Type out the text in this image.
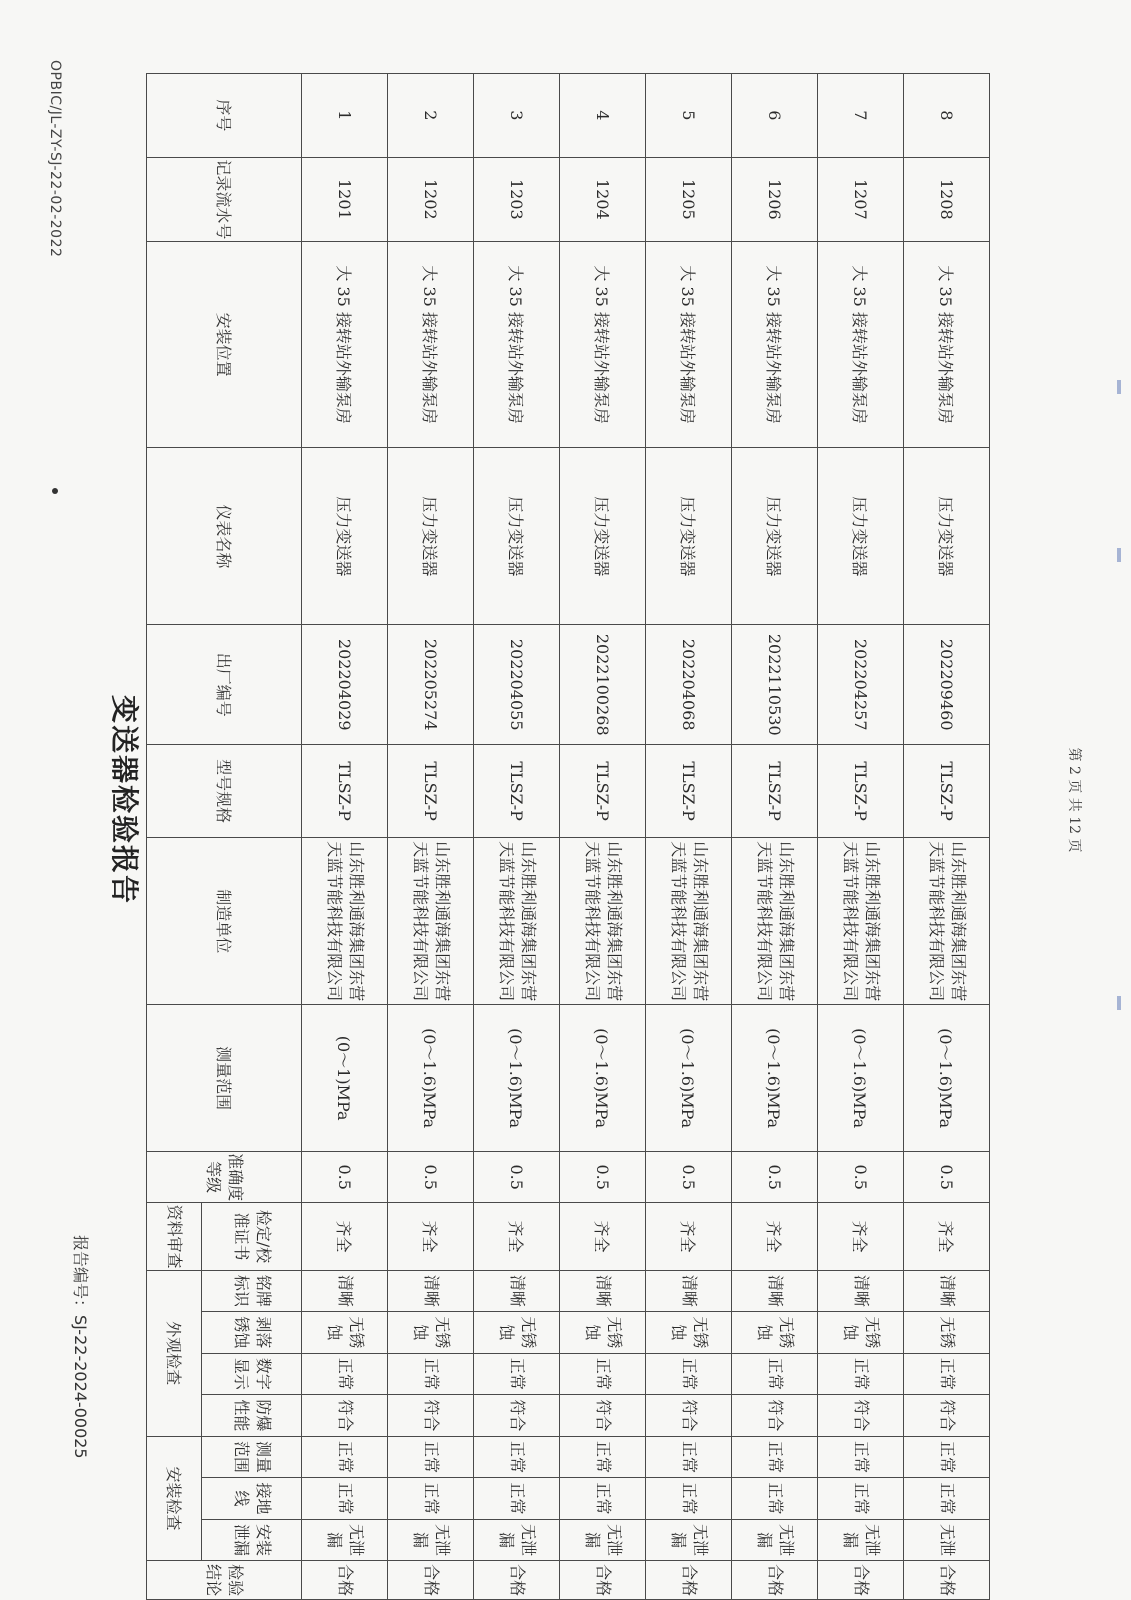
第 2 页 共 12 页
序号	记录流水号	安装位置	仪表名称	出厂编号	型号规格	制造单位	测量范围	准确度等级	资料审查	外观检查				安装检查			检验结论

									检定/校准证书	铭牌标识	剥落锈蚀	数字显示	防爆性能	测量范围	接地线	安装泄漏	

1	1201	大 35 接转站外输泵房	压力变送器	202204029	TLSZ-P	山东胜利通海集团东营天蓝节能科技有限公司	(0～1)MPa	0.5	齐全	清晰	无锈蚀	正常	符合	正常	正常	无泄漏	合格

2	1202	大 35 接转站外输泵房	压力变送器	202205274	TLSZ-P	山东胜利通海集团东营天蓝节能科技有限公司	(0～1.6)MPa	0.5	齐全	清晰	无锈蚀	正常	符合	正常	正常	无泄漏	合格

3	1203	大 35 接转站外输泵房	压力变送器	202204055	TLSZ-P	山东胜利通海集团东营天蓝节能科技有限公司	(0～1.6)MPa	0.5	齐全	清晰	无锈蚀	正常	符合	正常	正常	无泄漏	合格

4	1204	大 35 接转站外输泵房	压力变送器	2022100268	TLSZ-P	山东胜利通海集团东营天蓝节能科技有限公司	(0～1.6)MPa	0.5	齐全	清晰	无锈蚀	正常	符合	正常	正常	无泄漏	合格

5	1205	大 35 接转站外输泵房	压力变送器	202204068	TLSZ-P	山东胜利通海集团东营天蓝节能科技有限公司	(0～1.6)MPa	0.5	齐全	清晰	无锈蚀	正常	符合	正常	正常	无泄漏	合格

6	1206	大 35 接转站外输泵房	压力变送器	2022110530	TLSZ-P	山东胜利通海集团东营天蓝节能科技有限公司	(0～1.6)MPa	0.5	齐全	清晰	无锈蚀	正常	符合	正常	正常	无泄漏	合格

7	1207	大 35 接转站外输泵房	压力变送器	202204257	TLSZ-P	山东胜利通海集团东营天蓝节能科技有限公司	(0～1.6)MPa	0.5	齐全	清晰	无锈蚀	正常	符合	正常	正常	无泄漏	合格

8	1208	大 35 接转站外输泵房	压力变送器	202209460	TLSZ-P	山东胜利通海集团东营天蓝节能科技有限公司	(0～1.6)MPa	0.5	齐全	清晰	无锈	正常	符合	正常	正常	无泄	合格
OPBIC/JL-ZY-SJ-22-02-2022
变送器检验报告
报告编号：SJ-22-2024-00025
